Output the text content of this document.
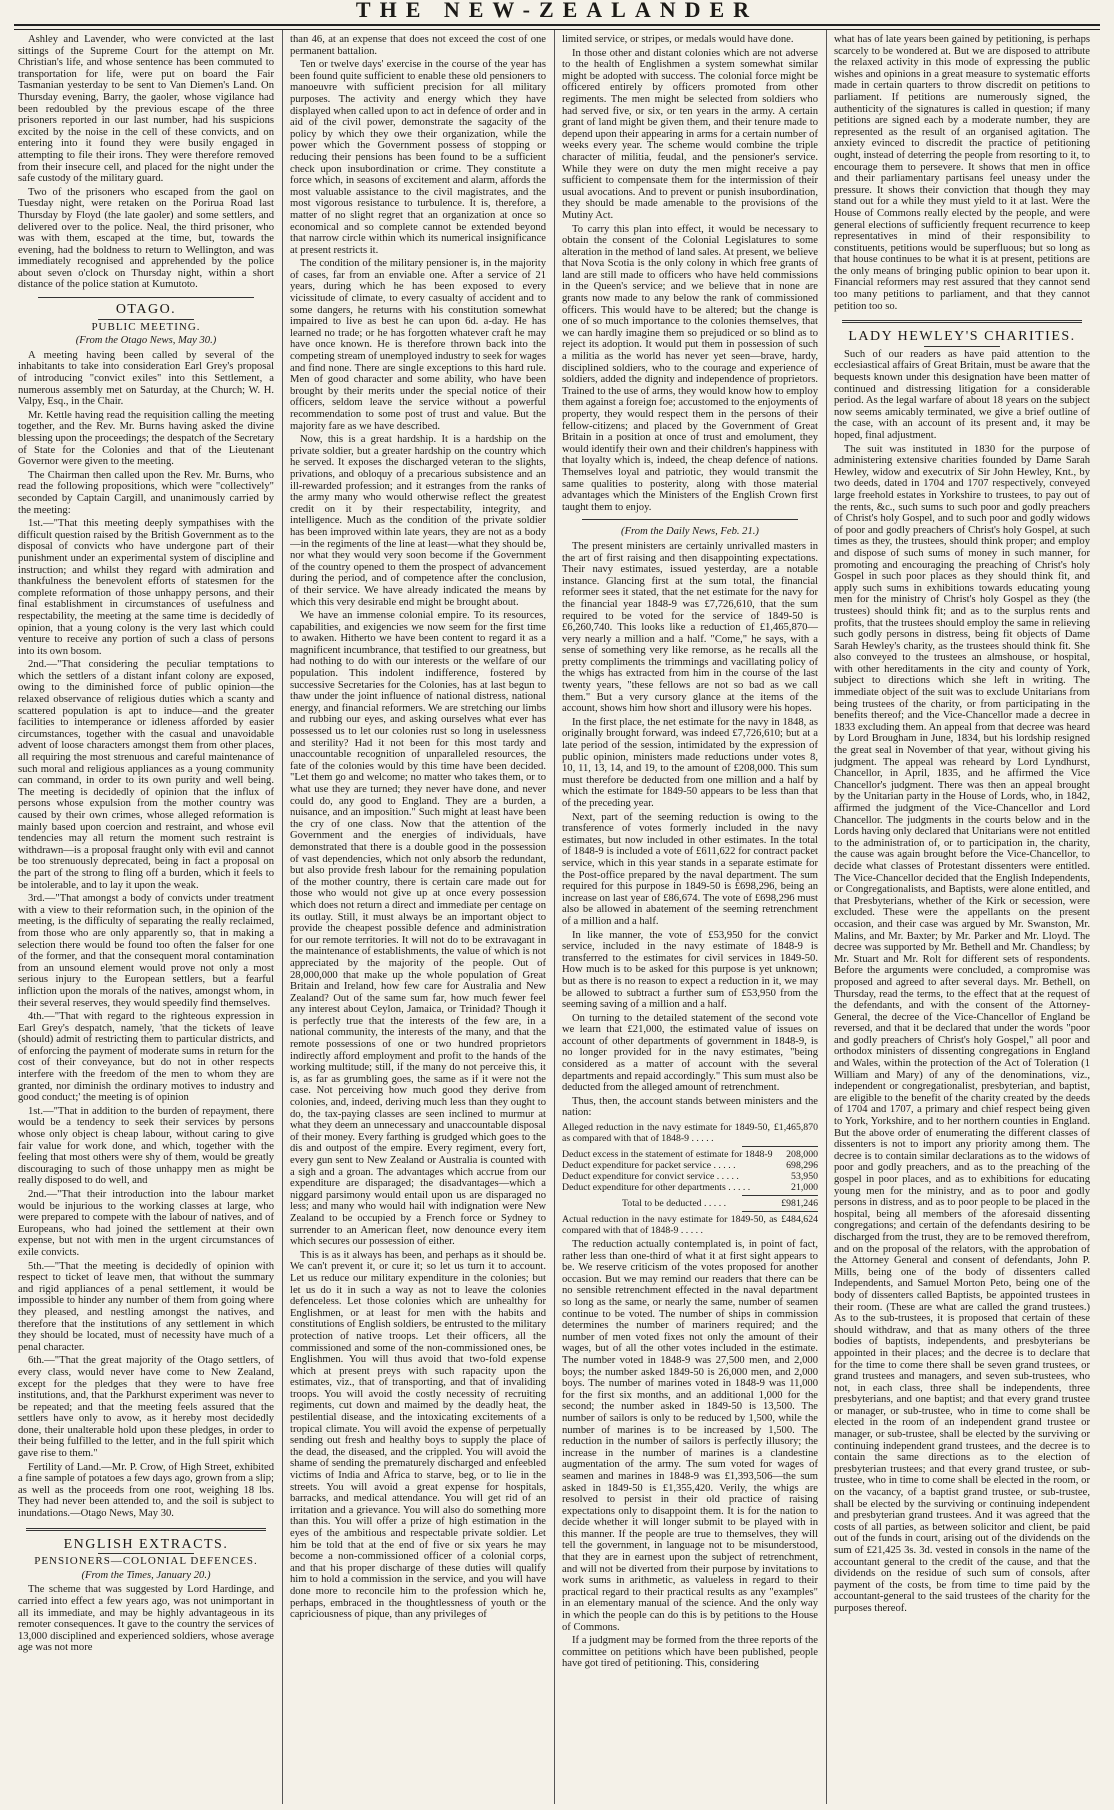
THE NEW-ZEALANDER

Ashley and Lavender, who were convicted at the last sittings of the Supreme Court for the attempt on Mr. Christian's life, and whose sentence has been commuted to transportation for life, were put on board the Fair Tasmanian yesterday to be sent to Van Diemen's Land. On Thursday evening, Barry, the gaoler, whose vigilance had been redoubled by the previous escape of the three prisoners reported in our last number, had his suspicions excited by the noise in the cell of these convicts, and on entering into it found they were busily engaged in attempting to file their irons. They were therefore removed from their insecure cell, and placed for the night under the safe custody of the military guard.

Two of the prisoners who escaped from the gaol on Tuesday night, were retaken on the Porirua Road last Thursday by Floyd (the late gaoler) and some settlers, and delivered over to the police. Neal, the third prisoner, who was with them, escaped at the time, but, towards the evening, had the boldness to return to Wellington, and was immediately recognised and apprehended by the police about seven o'clock on Thursday night, within a short distance of the police station at Kumutoto.

OTAGO.
PUBLIC MEETING.
(From the Otago News, May 30.)

A meeting having been called by several of the inhabitants to take into consideration Earl Grey's proposal of introducing "convict exiles" into this Settlement, a numerous assembly met on Saturday, at the Church; W. H. Valpy, Esq., in the Chair.

Mr. Kettle having read the requisition calling the meeting together, and the Rev. Mr. Burns having asked the divine blessing upon the proceedings; the despatch of the Secretary of State for the Colonies and that of the Lieutenant Governor were given to the meeting.

The Chairman then called upon the Rev. Mr. Burns, who read the following propositions, which were "collectively" seconded by Captain Cargill, and unanimously carried by the meeting:

1st.—"That this meeting deeply sympathises with the difficult question raised by the British Government as to the disposal of convicts who have undergone part of their punishment under an experimental system of discipline and instruction; and whilst they regard with admiration and thankfulness the benevolent efforts of statesmen for the complete reformation of those unhappy persons, and their final establishment in circumstances of usefulness and respectability, the meeting at the same time is decidedly of opinion, that a young colony is the very last which could venture to receive any portion of such a class of persons into its own bosom.

2nd.—"That considering the peculiar temptations to which the settlers of a distant infant colony are exposed, owing to the diminished force of public opinion—the relaxed observance of religious duties which a scanty and scattered population is apt to induce—and the greater facilities to intemperance or idleness afforded by easier circumstances, together with the casual and unavoidable advent of loose characters amongst them from other places, all requiring the most strenuous and careful maintenance of such moral and religious appliances as a young community can command, in order to its own purity and well being. The meeting is decidedly of opinion that the influx of persons whose expulsion from the mother country was caused by their own crimes, whose alleged reformation is mainly based upon coercion and restraint, and whose evil tendencies may all return the moment such restraint is withdrawn—is a proposal fraught only with evil and cannot be too strenuously deprecated, being in fact a proposal on the part of the strong to fling off a burden, which it feels to be intolerable, and to lay it upon the weak.

3rd.—"That amongst a body of convicts under treatment with a view to their reformation such, in the opinion of the meeting, is the difficulty of separating the really reclaimed, from those who are only apparently so, that in making a selection there would be found too often the falser for one of the former, and that the consequent moral contamination from an unsound element would prove not only a most serious injury to the European settlers, but a fearful infliction upon the morals of the natives, amongst whom, in their several reserves, they would speedily find themselves.

4th.—"That with regard to the righteous expression in Earl Grey's despatch, namely, 'that the tickets of leave (should) admit of restricting them to particular districts, and of enforcing the payment of moderate sums in return for the cost of their conveyance, but do not in other respects interfere with the freedom of the men to whom they are granted, nor diminish the ordinary motives to industry and good conduct;' the meeting is of opinion

1st.—"That in addition to the burden of repayment, there would be a tendency to seek their services by persons whose only object is cheap labour, without caring to give fair value for work done, and which, together with the feeling that most others were shy of them, would be greatly discouraging to such of those unhappy men as might be really disposed to do well, and

2nd.—"That their introduction into the labour market would be injurious to the working classes at large, who were prepared to compete with the labour of natives, and of Europeans, who had joined the settlement at their own expense, but not with men in the urgent circumstances of exile convicts.

5th.—"That the meeting is decidedly of opinion with respect to ticket of leave men, that without the summary and rigid appliances of a penal settlement, it would be impossible to hinder any number of them from going where they pleased, and nestling amongst the natives, and therefore that the institutions of any settlement in which they should be located, must of necessity have much of a penal character.

6th.—"That the great majority of the Otago settlers, of every class, would never have come to New Zealand, except for the pledges that they were to have free institutions, and, that the Parkhurst experiment was never to be repeated; and that the meeting feels assured that the settlers have only to avow, as it hereby most decidedly done, their unalterable hold upon these pledges, in order to their being fulfilled to the letter, and in the full spirit which gave rise to them."

Fertility of Land.—Mr. P. Crow, of High Street, exhibited a fine sample of potatoes a few days ago, grown from a slip; as well as the proceeds from one root, weighing 18 lbs. They had never been attended to, and the soil is subject to inundations.—Otago News, May 30.

ENGLISH EXTRACTS.
PENSIONERS—COLONIAL DEFENCES.
(From the Times, January 20.)

The scheme that was suggested by Lord Hardinge, and carried into effect a few years ago, was not unimportant in all its immediate, and may be highly advantageous in its remoter consequences. It gave to the country the services of 13,000 disciplined and experienced soldiers, whose average age was not more

than 46, at an expense that does not exceed the cost of one permanent battalion.

Ten or twelve days' exercise in the course of the year has been found quite sufficient to enable these old pensioners to manoeuvre with sufficient precision for all military purposes. The activity and energy which they have displayed when called upon to act in defence of order and in aid of the civil power, demonstrate the sagacity of the policy by which they owe their organization, while the power which the Government possess of stopping or reducing their pensions has been found to be a sufficient check upon insubordination or crime. They constitute a force which, in seasons of excitement and alarm, affords the most valuable assistance to the civil magistrates, and the most vigorous resistance to turbulence. It is, therefore, a matter of no slight regret that an organization at once so economical and so complete cannot be extended beyond that narrow circle within which its numerical insignificance at present restricts it.

The condition of the military pensioner is, in the majority of cases, far from an enviable one. After a service of 21 years, during which he has been exposed to every vicissitude of climate, to every casualty of accident and to some dangers, he returns with his constitution somewhat impaired to live as best he can upon 6d. a-day. He has learned no trade; or he has forgotten whatever craft he may have once known. He is therefore thrown back into the competing stream of unemployed industry to seek for wages and find none. There are single exceptions to this hard rule. Men of good character and some ability, who have been brought by their merits under the special notice of their officers, seldom leave the service without a powerful recommendation to some post of trust and value. But the majority fare as we have described.

Now, this is a great hardship. It is a hardship on the private soldier, but a greater hardship on the country which he served. It exposes the discharged veteran to the slights, privations, and obloquy of a precarious subsistence and an ill-rewarded profession; and it estranges from the ranks of the army many who would otherwise reflect the greatest credit on it by their respectability, integrity, and intelligence. Much as the condition of the private soldier has been improved within late years, they are not as a body—in the regiments of the line at least—what they should be, nor what they would very soon become if the Government of the country opened to them the prospect of advancement during the period, and of competence after the conclusion, of their service. We have already indicated the means by which this very desirable end might be brought about.

We have an immense colonial empire. To its resources, capabilities, and exigencies we now seem for the first time to awaken. Hitherto we have been content to regard it as a magnificent incumbrance, that testified to our greatness, but had nothing to do with our interests or the welfare of our population. This indolent indifference, fostered by successive Secretaries for the Colonies, has at last begun to thaw under the joint influence of national distress, national energy, and financial reformers. We are stretching our limbs and rubbing our eyes, and asking ourselves what ever has possessed us to let our colonies rust so long in uselessness and sterility? Had it not been for this most tardy and unaccountable recognition of unparalleled resources, the fate of the colonies would by this time have been decided. "Let them go and welcome; no matter who takes them, or to what use they are turned; they never have done, and never could do, any good to England. They are a burden, a nuisance, and an imposition." Such might at least have been the cry of one class. Now that the attention of the Government and the energies of individuals, have demonstrated that there is a double good in the possession of vast dependencies, which not only absorb the redundant, but also provide fresh labour for the remaining population of the mother country, there is certain care made out for those who would not give up at once every possession which does not return a direct and immediate per centage on its outlay. Still, it must always be an important object to provide the cheapest possible defence and administration for our remote territories. It will not do to be extravagant in the maintenance of establishments, the value of which is not appreciated by the majority of the people. Out of 28,000,000 that make up the whole population of Great Britain and Ireland, how few care for Australia and New Zealand? Out of the same sum far, how much fewer feel any interest about Ceylon, Jamaica, or Trinidad? Though it is perfectly true that the interests of the few are, in a national community, the interests of the many, and that the remote possessions of one or two hundred proprietors indirectly afford employment and profit to the hands of the working multitude; still, if the many do not perceive this, it is, as far as grumbling goes, the same as if it were not the case. Not perceiving how much good they derive from colonies, and, indeed, deriving much less than they ought to do, the tax-paying classes are seen inclined to murmur at what they deem an unnecessary and unaccountable disposal of their money. Every farthing is grudged which goes to the dis and outpost of the empire. Every regiment, every fort, every gun sent to New Zealand or Australia is counted with a sigh and a groan. The advantages which accrue from our expenditure are disparaged; the disadvantages—which a niggard parsimony would entail upon us are disparaged no less; and many who would hail with indignation were New Zealand to be occupied by a French force or Sydney to surrender to an American fleet, now denounce every item which secures our possession of either.

This is as it always has been, and perhaps as it should be. We can't prevent it, or cure it; so let us turn it to account. Let us reduce our military expenditure in the colonies; but let us do it in such a way as not to leave the colonies defenceless. Let those colonies which are unhealthy for Englishmen, or at least for men with the habits and constitutions of English soldiers, be entrusted to the military protection of native troops. Let their officers, all the commissioned and some of the non-commissioned ones, be Englishmen. You will thus avoid that two-fold expense which at present preys with such rapacity upon the estimates, viz., that of transporting, and that of invaliding troops. You will avoid the costly necessity of recruiting regiments, cut down and maimed by the deadly heat, the pestilential disease, and the intoxicating excitements of a tropical climate. You will avoid the expense of perpetually sending out fresh and healthy boys to supply the place of the dead, the diseased, and the crippled. You will avoid the shame of sending the prematurely discharged and enfeebled victims of India and Africa to starve, beg, or to lie in the streets. You will avoid a great expense for hospitals, barracks, and medical attendance. You will get rid of an irritation and a grievance. You will also do something more than this. You will offer a prize of high estimation in the eyes of the ambitious and respectable private soldier. Let him be told that at the end of five or six years he may become a non-commissioned officer of a colonial corps, and that his proper discharge of these duties will qualify him to hold a commission in the service, and you will have done more to reconcile him to the profession which he, perhaps, embraced in the thoughtlessness of youth or the capriciousness of pique, than any privileges of

limited service, or stripes, or medals would have done.

In those other and distant colonies which are not adverse to the health of Englishmen a system somewhat similar might be adopted with success. The colonial force might be officered entirely by officers promoted from other regiments. The men might be selected from soldiers who had served five, or six, or ten years in the army. A certain grant of land might be given them, and their tenure made to depend upon their appearing in arms for a certain number of weeks every year. The scheme would combine the triple character of militia, feudal, and the pensioner's service. While they were on duty the men might receive a pay sufficient to compensate them for the intermission of their usual avocations. And to prevent or punish insubordination, they should be made amenable to the provisions of the Mutiny Act.

To carry this plan into effect, it would be necessary to obtain the consent of the Colonial Legislatures to some alteration in the method of land sales. At present, we believe that Nova Scotia is the only colony in which free grants of land are still made to officers who have held commissions in the Queen's service; and we believe that in none are grants now made to any below the rank of commissioned officers. This would have to be altered; but the change is one of so much importance to the colonies themselves, that we can hardly imagine them so prejudiced or so blind as to reject its adoption. It would put them in possession of such a militia as the world has never yet seen—brave, hardy, disciplined soldiers, who to the courage and experience of soldiers, added the dignity and independence of proprietors. Trained to the use of arms, they would know how to employ them against a foreign foe; accustomed to the enjoyments of property, they would respect them in the persons of their fellow-citizens; and placed by the Government of Great Britain in a position at once of trust and emolument, they would identify their own and their children's happiness with that loyalty which is, indeed, the cheap defence of nations. Themselves loyal and patriotic, they would transmit the same qualities to posterity, along with those material advantages which the Ministers of the English Crown first taught them to enjoy.

(From the Daily News, Feb. 21.)

The present ministers are certainly unrivalled masters in the art of first raising and then disappointing expectations. Their navy estimates, issued yesterday, are a notable instance. Glancing first at the sum total, the financial reformer sees it stated, that the net estimate for the navy for the financial year 1848-9 was £7,726,610, that the sum required to be voted for the service of 1849-50 is £6,260,740. This looks like a reduction of £1,465,870—very nearly a million and a half. "Come," he says, with a sense of something very like remorse, as he recalls all the pretty compliments the trimmings and vacillating policy of the whigs has extracted from him in the course of the last twenty years, "these fellows are not so bad as we call them." But a very cursory glance at the items of the account, shows him how short and illusory were his hopes.

In the first place, the net estimate for the navy in 1848, as originally brought forward, was indeed £7,726,610; but at a late period of the session, intimidated by the expression of public opinion, ministers made reductions under votes 8, 10, 11, 13, 14, and 19, to the amount of £208,000. This sum must therefore be deducted from one million and a half by which the estimate for 1849-50 appears to be less than that of the preceding year.

Next, part of the seeming reduction is owing to the transference of votes formerly included in the navy estimates, but now included in other estimates. In the total of 1848-9 is included a vote of £611,622 for contract packet service, which in this year stands in a separate estimate for the Post-office prepared by the naval department. The sum required for this purpose in 1849-50 is £698,296, being an increase on last year of £86,674. The vote of £698,296 must also be allowed in abatement of the seeming retrenchment of a million and a half.

In like manner, the vote of £53,950 for the convict service, included in the navy estimate of 1848-9 is transferred to the estimates for civil services in 1849-50. How much is to be asked for this purpose is yet unknown; but as there is no reason to expect a reduction in it, we may be allowed to subtract a further sum of £53,950 from the seeming saving of a million and a half.

On turning to the detailed statement of the second vote we learn that £21,000, the estimated value of issues on account of other departments of government in 1848-9, is no longer provided for in the navy estimates, "being considered as a matter of account with the several departments and repaid accordingly." This sum must also be deducted from the alleged amount of retrenchment.

Thus, then, the account stands between ministers and the nation:

Alleged reduction in the navy estimate for 1849-50, as compared with that of 1848-9 . . . . .
£1,465,870
Deduct excess in the statement of estimate for 1848-9	208,000
Deduct expenditure for packet service . . . . .	698,296
Deduct expenditure for convict service . . . . .	53,950
Deduct expenditure for other departments . . . . .	21,000
Total to be deducted . . . . .	£981,246
Actual reduction in the navy estimate for 1849-50, as compared with that of 1848-9 . . . . .
£484,624

The reduction actually contemplated is, in point of fact, rather less than one-third of what it at first sight appears to be. We reserve criticism of the votes proposed for another occasion. But we may remind our readers that there can be no sensible retrenchment effected in the naval department so long as the same, or nearly the same, number of seamen continue to be voted. The number of ships in commission determines the number of mariners required; and the number of men voted fixes not only the amount of their wages, but of all the other votes included in the estimate. The number voted in 1848-9 was 27,500 men, and 2,000 boys; the number asked 1849-50 is 26,000 men, and 2,000 boys. The number of marines voted in 1848-9 was 11,000 for the first six months, and an additional 1,000 for the second; the number asked in 1849-50 is 13,500. The number of sailors is only to be reduced by 1,500, while the number of marines is to be increased by 1,500. The reduction in the number of sailors is perfectly illusory; the increase in the number of marines is a clandestine augmentation of the army. The sum voted for wages of seamen and marines in 1848-9 was £1,393,506—the sum asked in 1849-50 is £1,355,420. Verily, the whigs are resolved to persist in their old practice of raising expectations only to disappoint them. It is for the nation to decide whether it will longer submit to be played with in this manner. If the people are true to themselves, they will tell the government, in language not to be misunderstood, that they are in earnest upon the subject of retrenchment, and will not be diverted from their purpose by invitations to work sums in arithmetic, as valueless in regard to their practical regard to their practical results as any "examples" in an elementary manual of the science. And the only way in which the people can do this is by petitions to the House of Commons.

If a judgment may be formed from the three reports of the committee on petitions which have been published, people have got tired of petitioning. This, considering

what has of late years been gained by petitioning, is perhaps scarcely to be wondered at. But we are disposed to attribute the relaxed activity in this mode of expressing the public wishes and opinions in a great measure to systematic efforts made in certain quarters to throw discredit on petitions to parliament. If petitions are numerously signed, the authenticity of the signatures is called in question; if many petitions are signed each by a moderate number, they are represented as the result of an organised agitation. The anxiety evinced to discredit the practice of petitioning ought, instead of deterring the people from resorting to it, to encourage them to persevere. It shows that men in office and their parliamentary partisans feel uneasy under the pressure. It shows their conviction that though they may stand out for a while they must yield to it at last. Were the House of Commons really elected by the people, and were general elections of sufficiently frequent recurrence to keep representatives in mind of their responsibility to constituents, petitions would be superfluous; but so long as that house continues to be what it is at present, petitions are the only means of bringing public opinion to bear upon it. Financial reformers may rest assured that they cannot send too many petitions to parliament, and that they cannot petition too so.

LADY HEWLEY'S CHARITIES.

Such of our readers as have paid attention to the ecclesiastical affairs of Great Britain, must be aware that the bequests known under this designation have been matter of continued and distressing litigation for a considerable period. As the legal warfare of about 18 years on the subject now seems amicably terminated, we give a brief outline of the case, with an account of its present and, it may be hoped, final adjustment.

The suit was instituted in 1830 for the purpose of administering extensive charities founded by Dame Sarah Hewley, widow and executrix of Sir John Hewley, Knt., by two deeds, dated in 1704 and 1707 respectively, conveyed large freehold estates in Yorkshire to trustees, to pay out of the rents, &c., such sums to such poor and godly preachers of Christ's holy Gospel, and to such poor and godly widows of poor and godly preachers of Christ's holy Gospel, at such times as they, the trustees, should think proper; and employ and dispose of such sums of money in such manner, for promoting and encouraging the preaching of Christ's holy Gospel in such poor places as they should think fit, and apply such sums in exhibitions towards educating young men for the ministry of Christ's holy Gospel as they (the trustees) should think fit; and as to the surplus rents and profits, that the trustees should employ the same in relieving such godly persons in distress, being fit objects of Dame Sarah Hewley's charity, as the trustees should think fit. She also conveyed to the trustees an almshouse, or hospital, with other hereditaments in the city and county of York, subject to directions which she left in writing. The immediate object of the suit was to exclude Unitarians from being trustees of the charity, or from participating in the benefits thereof; and the Vice-Chancellor made a decree in 1833 excluding them. An appeal from that decree was heard by Lord Brougham in June, 1834, but his lordship resigned the great seal in November of that year, without giving his judgment. The appeal was reheard by Lord Lyndhurst, Chancellor, in April, 1835, and he affirmed the Vice Chancellor's judgment. There was then an appeal brought by the Unitarian party in the House of Lords, who, in 1842, affirmed the judgment of the Vice-Chancellor and Lord Chancellor. The judgments in the courts below and in the Lords having only declared that Unitarians were not entitled to the administration of, or to participation in, the charity, the cause was again brought before the Vice-Chancellor, to decide what classes of Protestant dissenters were entitled. The Vice-Chancellor decided that the English Independents, or Congregationalists, and Baptists, were alone entitled, and that Presbyterians, whether of the Kirk or secession, were excluded. These were the appellants on the present occasion, and their case was argued by Mr. Swanston, Mr. Malins, and Mr. Baxter; by Mr. Parker and Mr. Lloyd. The decree was supported by Mr. Bethell and Mr. Chandless; by Mr. Stuart and Mr. Rolt for different sets of respondents. Before the arguments were concluded, a compromise was proposed and agreed to after several days. Mr. Bethell, on Thursday, read the terms, to the effect that at the request of the defendants, and with the consent of the Attorney-General, the decree of the Vice-Chancellor of England be reversed, and that it be declared that under the words "poor and godly preachers of Christ's holy Gospel," all poor and orthodox ministers of dissenting congregations in England and Wales, within the protection of the Act of Toleration (1 William and Mary) of any of the denominations, viz., independent or congregationalist, presbyterian, and baptist, are eligible to the benefit of the charity created by the deeds of 1704 and 1707, a primary and chief respect being given to York, Yorkshire, and to her northern counties in England. But the above order of enumerating the different classes of dissenters is not to import any priority among them. The decree is to contain similar declarations as to the widows of poor and godly preachers, and as to the preaching of the gospel in poor places, and as to exhibitions for educating young men for the ministry, and as to poor and godly persons in distress, and as to poor people to be placed in the hospital, being all members of the aforesaid dissenting congregations; and certain of the defendants desiring to be discharged from the trust, they are to be removed therefrom, and on the proposal of the relators, with the approbation of the Attorney General and consent of defendants, John P. Mills, being one of the body of dissenters called Independents, and Samuel Morton Peto, being one of the body of dissenters called Baptists, be appointed trustees in their room. (These are what are called the grand trustees.) As to the sub-trustees, it is proposed that certain of these should withdraw, and that as many others of the three bodies of baptists, independents, and presbyterians be appointed in their places; and the decree is to declare that for the time to come there shall be seven grand trustees, or grand trustees and managers, and seven sub-trustees, who not, in each class, three shall be independents, three presbyterians, and one baptist; and that every grand trustee or manager, or sub-trustee, who in time to come shall be elected in the room of an independent grand trustee or manager, or sub-trustee, shall be elected by the surviving or continuing independent grand trustees, and the decree is to contain the same directions as to the election of presbyterian trustees; and that every grand trustee, or sub-trustee, who in time to come shall be elected in the room, or on the vacancy, of a baptist grand trustee, or sub-trustee, shall be elected by the surviving or continuing independent and presbyterian grand trustees. And it was agreed that the costs of all parties, as between solicitor and client, be paid out of the funds in court, arising out of the dividends on the sum of £21,425 3s. 3d. vested in consols in the name of the accountant general to the credit of the cause, and that the dividends on the residue of such sum of consols, after payment of the costs, be from time to time paid by the accountant-general to the said trustees of the charity for the purposes thereof.
